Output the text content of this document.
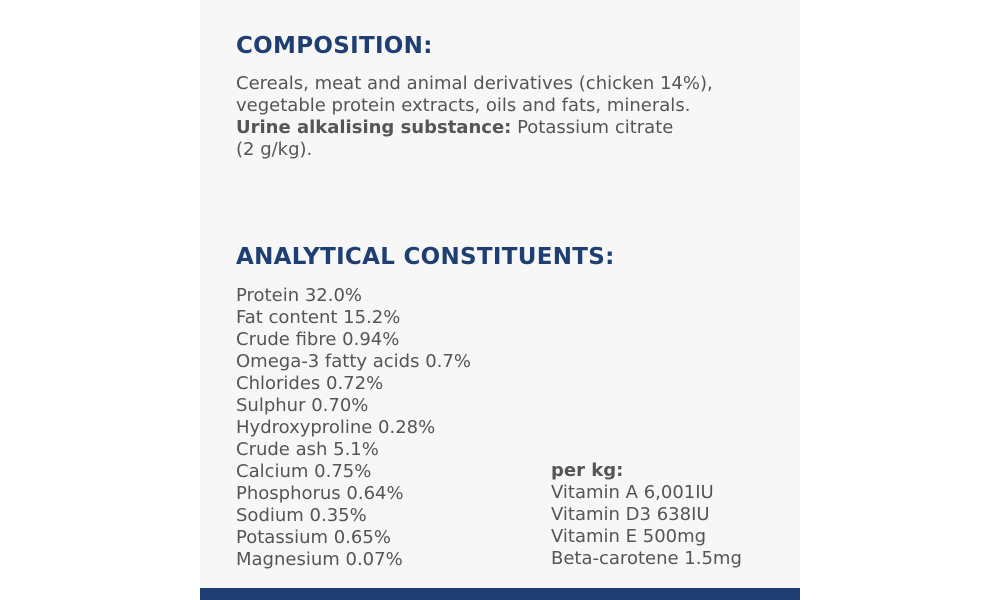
COMPOSITION:
Cereals, meat and animal derivatives (chicken 14%),
vegetable protein extracts, oils and fats, minerals.
Urine alkalising substance: Potassium citrate
(2 g/kg).
ANALYTICAL CONSTITUENTS:
Protein 32.0%
Fat content 15.2%
Crude fibre 0.94%
Omega-3 fatty acids 0.7%
Chlorides 0.72%
Sulphur 0.70%
Hydroxyproline 0.28%
Crude ash 5.1%
Calcium 0.75%
Phosphorus 0.64%
Sodium 0.35%
Potassium 0.65%
Magnesium 0.07%
per kg:
Vitamin A 6,001IU
Vitamin D3 638IU
Vitamin E 500mg
Beta-carotene 1.5mg
